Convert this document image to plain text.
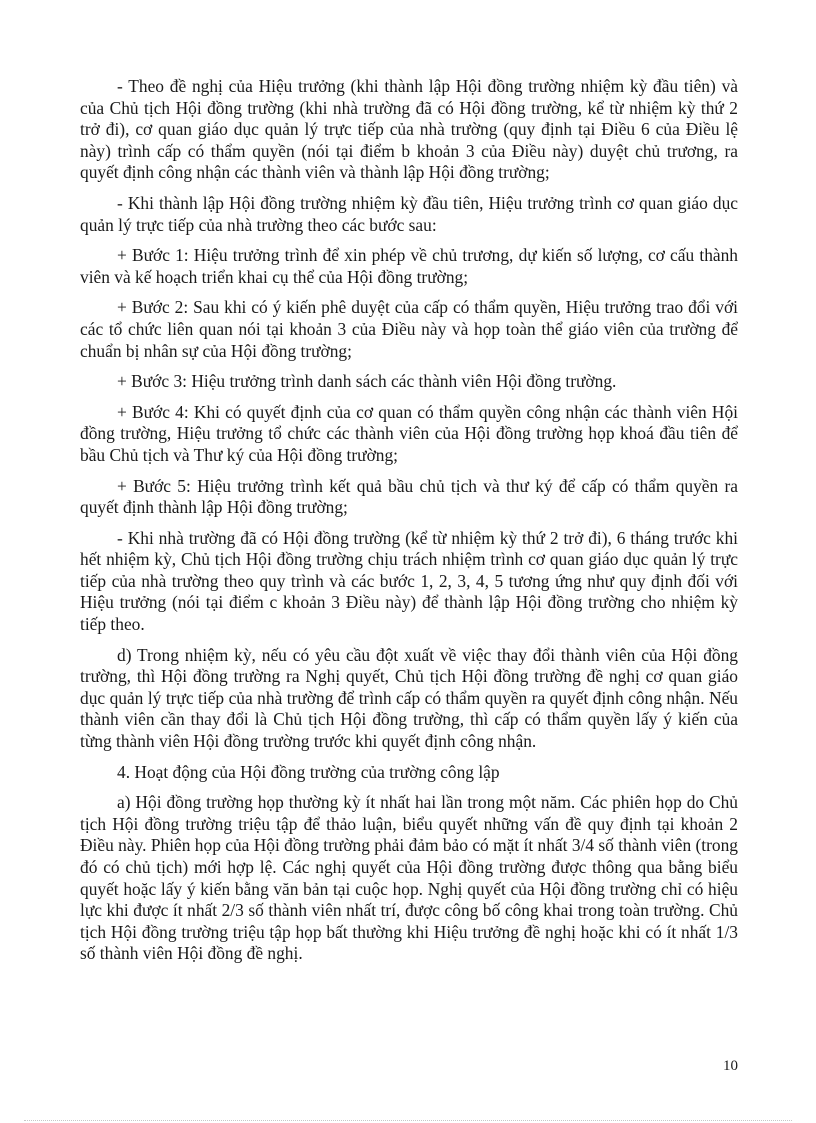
- Theo đề nghị của Hiệu trưởng (khi thành lập Hội đồng trường nhiệm kỳ đầu tiên) và của Chủ tịch Hội đồng trường (khi nhà trường đã có Hội đồng trường, kể từ nhiệm kỳ thứ 2 trở đi), cơ quan giáo dục quản lý trực tiếp của nhà trường (quy định tại Điều 6 của Điều lệ này) trình cấp có thẩm quyền (nói tại điểm b khoản 3 của Điều này) duyệt chủ trương, ra quyết định công nhận các thành viên và thành lập Hội đồng trường;

- Khi thành lập Hội đồng trường nhiệm kỳ đầu tiên, Hiệu trưởng trình cơ quan giáo dục quản lý trực tiếp của nhà trường theo các bước sau:

+ Bước 1: Hiệu trưởng trình để xin phép về chủ trương, dự kiến số lượng, cơ cấu thành viên và kế hoạch triển khai cụ thể của Hội đồng trường;

+ Bước 2: Sau khi có ý kiến phê duyệt của cấp có thẩm quyền, Hiệu trưởng trao đổi với các tổ chức liên quan nói tại khoản 3 của Điều này và họp toàn thể giáo viên của trường để chuẩn bị nhân sự của Hội đồng trường;

+ Bước 3: Hiệu trưởng trình danh sách các thành viên Hội đồng trường.

+ Bước 4: Khi có quyết định của cơ quan có thẩm quyền công nhận các thành viên Hội đồng trường, Hiệu trưởng tổ chức các thành viên của Hội đồng trường họp khoá đầu tiên để bầu Chủ tịch và Thư ký của Hội đồng trường;

+ Bước 5: Hiệu trưởng trình kết quả bầu chủ tịch và thư ký để cấp có thẩm quyền ra quyết định thành lập Hội đồng trường;

- Khi nhà trường đã có Hội đồng trường (kể từ nhiệm kỳ thứ 2 trở đi), 6 tháng trước khi hết nhiệm kỳ, Chủ tịch Hội đồng trường chịu trách nhiệm trình cơ quan giáo dục quản lý trực tiếp của nhà trường theo quy trình và các bước 1, 2, 3, 4, 5 tương ứng như quy định đối với Hiệu trưởng (nói tại điểm c khoản 3 Điều này) để thành lập Hội đồng trường cho nhiệm kỳ tiếp theo.

d) Trong nhiệm kỳ, nếu có yêu cầu đột xuất về việc thay đổi thành viên của Hội đồng trường, thì Hội đồng trường ra Nghị quyết, Chủ tịch Hội đồng trường đề nghị cơ quan giáo dục quản lý trực tiếp của nhà trường để trình cấp có thẩm quyền ra quyết định công nhận. Nếu thành viên cần thay đổi là Chủ tịch Hội đồng trường, thì cấp có thẩm quyền lấy ý kiến của từng thành viên Hội đồng trường trước khi quyết định công nhận.

4. Hoạt động của Hội đồng trường của trường công lập

a) Hội đồng trường họp thường kỳ ít nhất hai lần trong một năm. Các phiên họp do Chủ tịch Hội đồng trường triệu tập để thảo luận, biểu quyết những vấn đề quy định tại khoản 2 Điều này. Phiên họp của Hội đồng trường phải đảm bảo có mặt ít nhất 3/4 số thành viên (trong đó có chủ tịch) mới hợp lệ. Các nghị quyết của Hội đồng trường được thông qua bằng biểu quyết hoặc lấy ý kiến bằng văn bản tại cuộc họp. Nghị quyết của Hội đồng trường chỉ có hiệu lực khi được ít nhất 2/3 số thành viên nhất trí, được công bố công khai trong toàn trường. Chủ tịch Hội đồng trường triệu tập họp bất thường khi Hiệu trưởng đề nghị hoặc khi có ít nhất 1/3 số thành viên Hội đồng đề nghị.

10
